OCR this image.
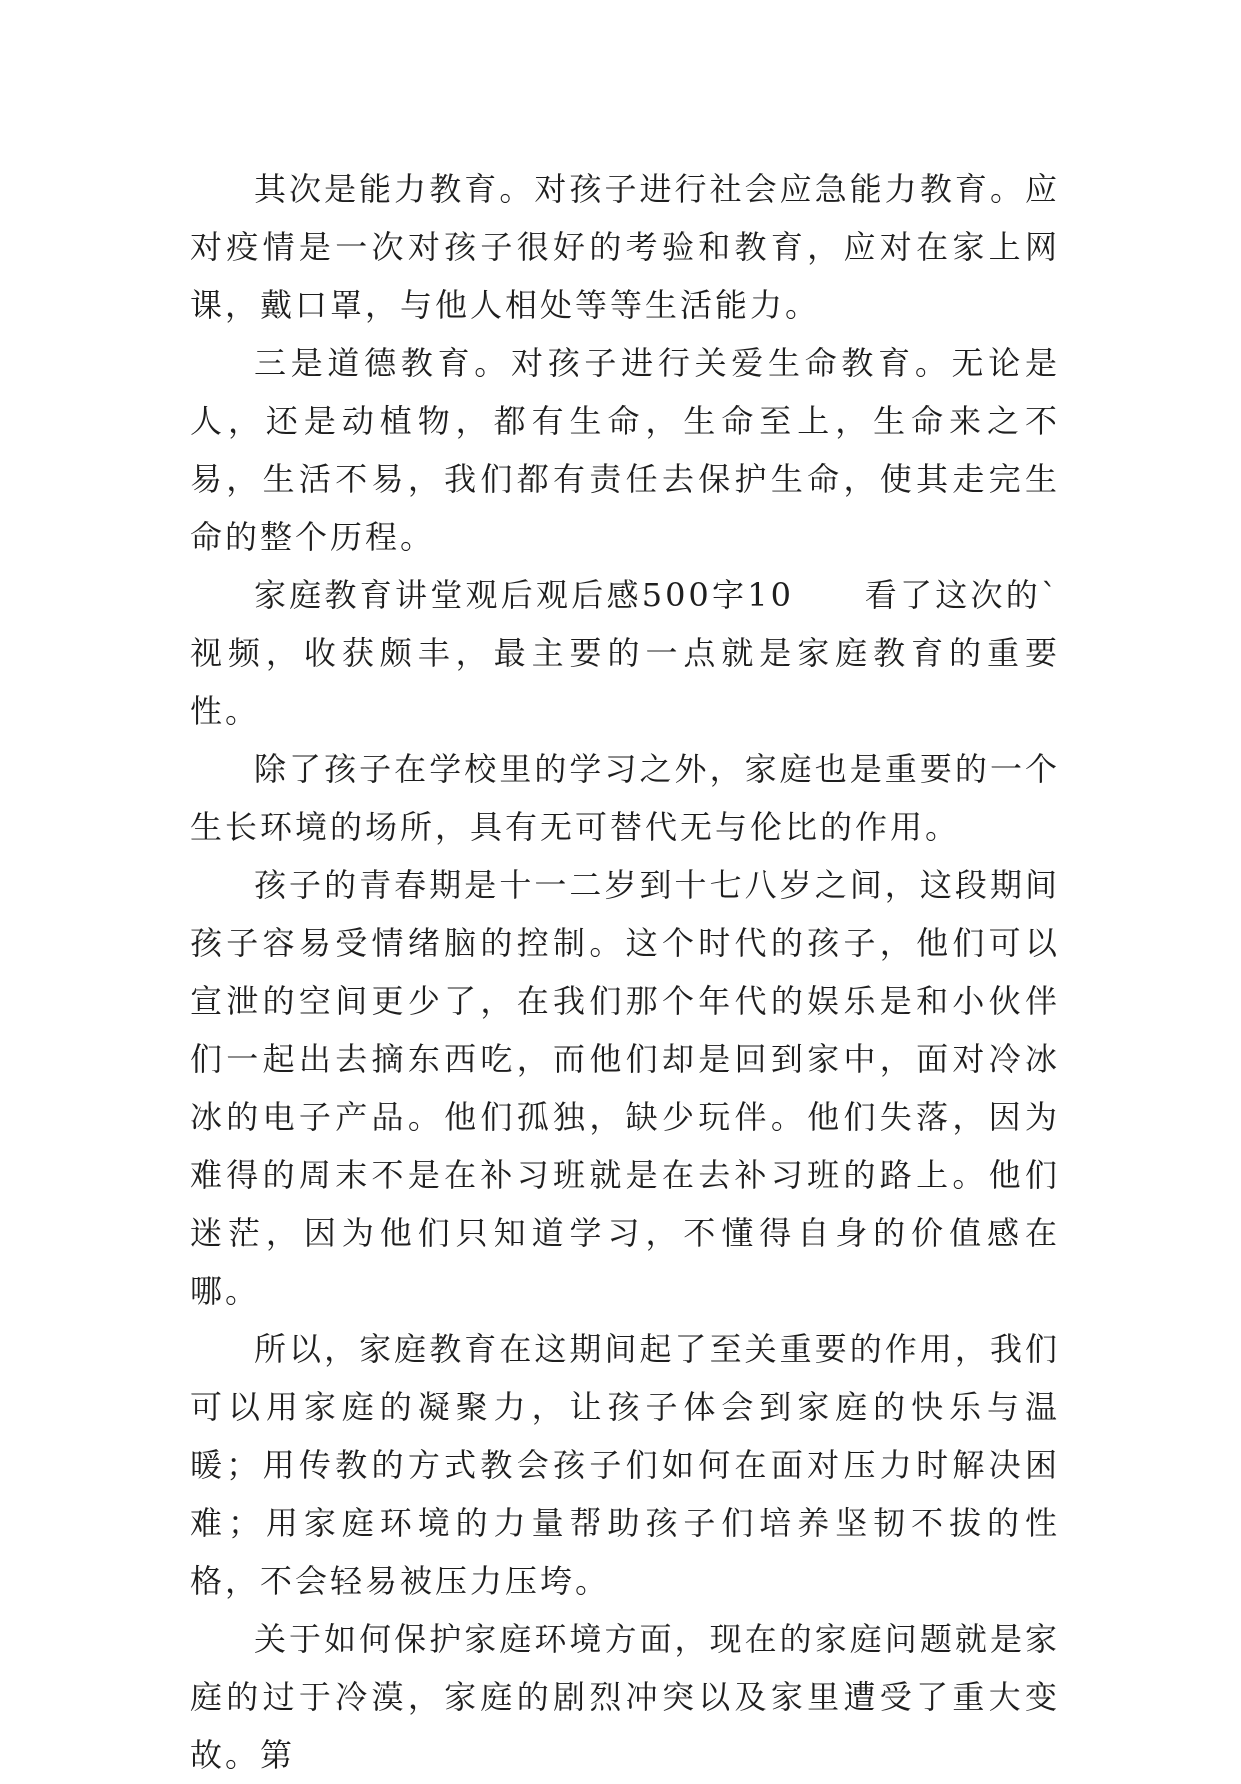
其次是能力教育。对孩子进行社会应急能力教育。应对疫情是一次对孩子很好的考验和教育，应对在家上网课，戴口罩，与他人相处等等生活能力。

三是道德教育。对孩子进行关爱生命教育。无论是人，还是动植物，都有生命，生命至上，生命来之不易，生活不易，我们都有责任去保护生命，使其走完生命的整个历程。

家庭教育讲堂观后观后感500字10　　看了这次的`视频，收获颇丰，最主要的一点就是家庭教育的重要性。

除了孩子在学校里的学习之外，家庭也是重要的一个生长环境的场所，具有无可替代无与伦比的作用。

孩子的青春期是十一二岁到十七八岁之间，这段期间孩子容易受情绪脑的控制。这个时代的孩子，他们可以宣泄的空间更少了，在我们那个年代的娱乐是和小伙伴们一起出去摘东西吃，而他们却是回到家中，面对冷冰冰的电子产品。他们孤独，缺少玩伴。他们失落，因为难得的周末不是在补习班就是在去补习班的路上。他们迷茫，因为他们只知道学习，不懂得自身的价值感在哪。

所以，家庭教育在这期间起了至关重要的作用，我们可以用家庭的凝聚力，让孩子体会到家庭的快乐与温暖；用传教的方式教会孩子们如何在面对压力时解决困难；用家庭环境的力量帮助孩子们培养坚韧不拔的性格，不会轻易被压力压垮。

关于如何保护家庭环境方面，现在的家庭问题就是家庭的过于冷漠，家庭的剧烈冲突以及家里遭受了重大变故。第
